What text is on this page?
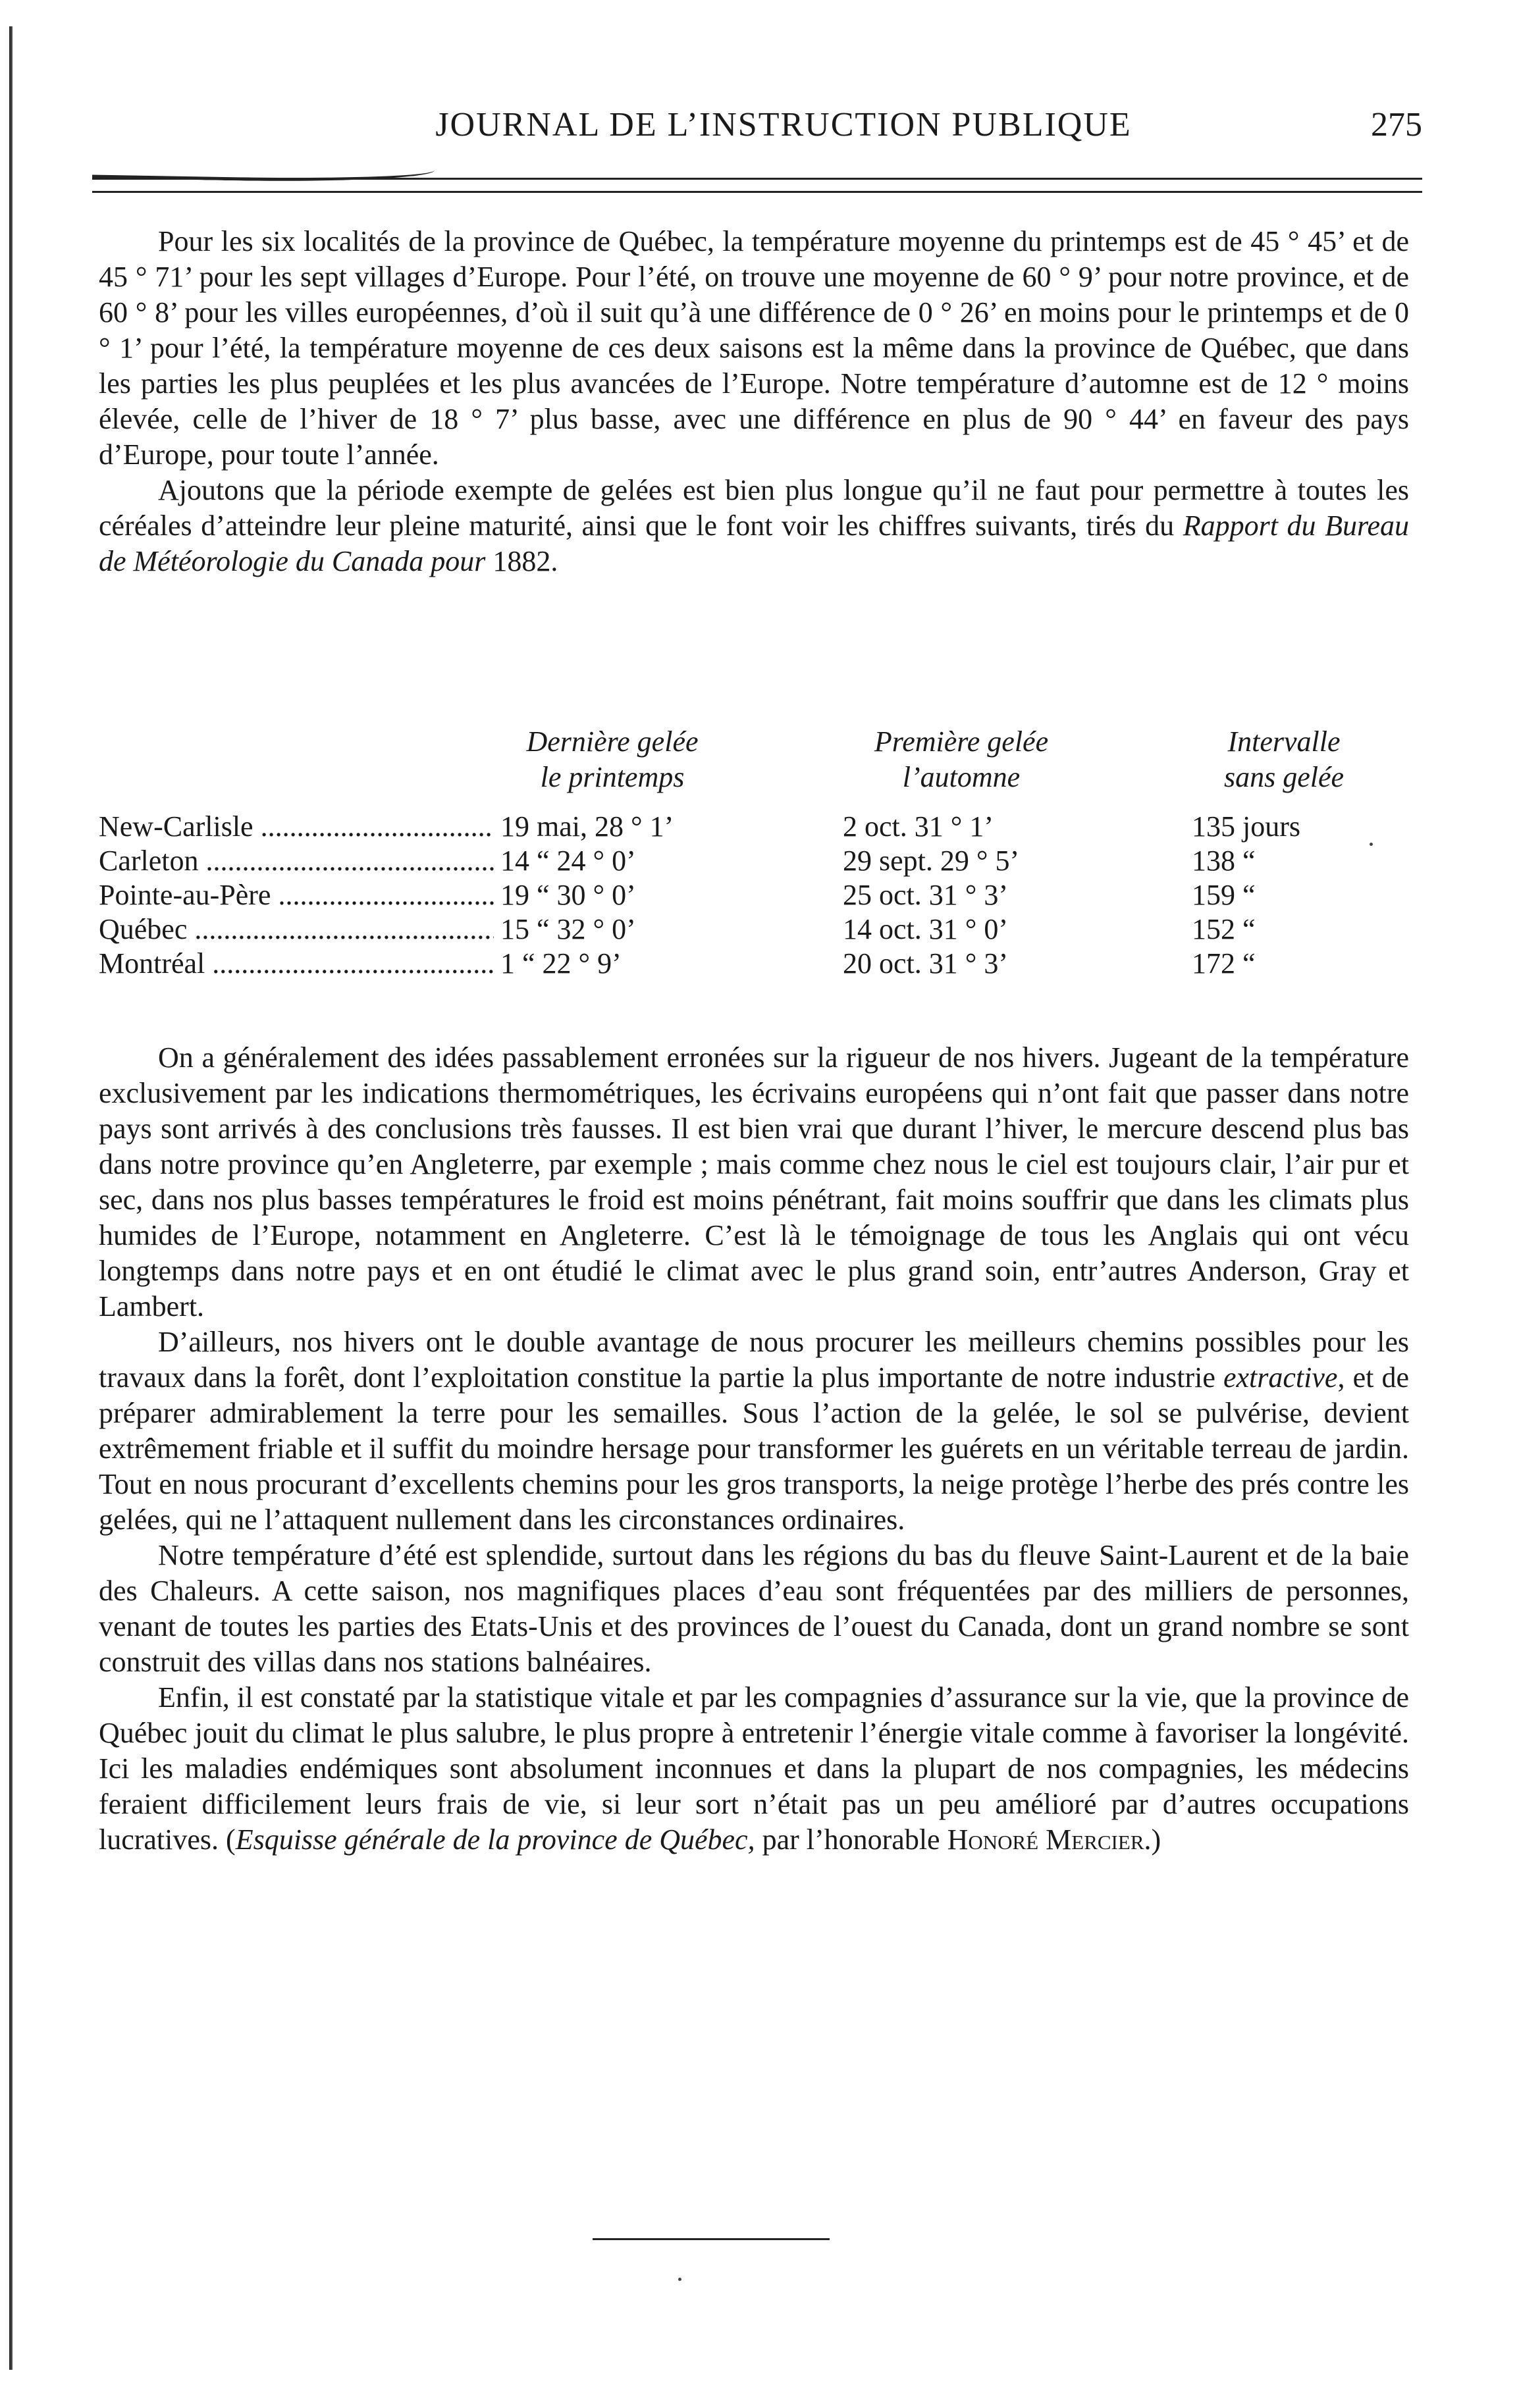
JOURNAL DE L’INSTRUCTION PUBLIQUE	275

Pour les six localités de la province de Québec, la température moyenne du printemps est de 45 ° 45’ et de 45 ° 71’ pour les sept villages d’Europe. Pour l’été, on trouve une moyenne de 60 ° 9’ pour notre province, et de 60 ° 8’ pour les villes européennes, d’où il suit qu’à une différence de 0 ° 26’ en moins pour le printemps et de 0 ° 1’ pour l’été, la température moyenne de ces deux saisons est la même dans la province de Québec, que dans les parties les plus peuplées et les plus avancées de l’Europe. Notre température d’automne est de 12 ° moins élevée, celle de l’hiver de 18 ° 7’ plus basse, avec une différence en plus de 90 ° 44’ en faveur des pays d’Europe, pour toute l’année.

Ajoutons que la période exempte de gelées est bien plus longue qu’il ne faut pour permettre à toutes les céréales d’atteindre leur pleine maturité, ainsi que le font voir les chiffres suivants, tirés du Rapport du Bureau de Météorologie du Canada pour 1882.

Dernière gelée
le printemps
Première gelée
l’automne
Intervalle
sans gelée
New-Carlisle .....	19 mai, 28 ° 1’	2 oct. 31 ° 1’	135 jours
Carleton .....	14 “ 24 ° 0’	29 sept. 29 ° 5’	138 “
Pointe-au-Père .....	19 “ 30 ° 0’	25 oct. 31 ° 3’	159 “
Québec .....	15 “ 32 ° 0’	14 oct. 31 ° 0’	152 “
Montréal .....	1 “ 22 ° 9’	20 oct. 31 ° 3’	172 “

On a généralement des idées passablement erronées sur la rigueur de nos hivers. Jugeant de la température exclusivement par les indications thermométriques, les écrivains européens qui n’ont fait que passer dans notre pays sont arrivés à des conclusions très fausses. Il est bien vrai que durant l’hiver, le mercure descend plus bas dans notre province qu’en Angleterre, par exemple ; mais comme chez nous le ciel est toujours clair, l’air pur et sec, dans nos plus basses températures le froid est moins pénétrant, fait moins souffrir que dans les climats plus humides de l’Europe, notamment en Angleterre. C’est là le témoignage de tous les Anglais qui ont vécu longtemps dans notre pays et en ont étudié le climat avec le plus grand soin, entr’autres Anderson, Gray et Lambert.

D’ailleurs, nos hivers ont le double avantage de nous procurer les meilleurs chemins possibles pour les travaux dans la forêt, dont l’exploitation constitue la partie la plus importante de notre industrie extractive, et de préparer admirablement la terre pour les semailles. Sous l’action de la gelée, le sol se pulvérise, devient extrêmement friable et il suffit du moindre hersage pour transformer les guérets en un véritable terreau de jardin. Tout en nous procurant d’excellents chemins pour les gros transports, la neige protège l’herbe des prés contre les gelées, qui ne l’attaquent nullement dans les circonstances ordinaires.

Notre température d’été est splendide, surtout dans les régions du bas du fleuve Saint-Laurent et de la baie des Chaleurs. A cette saison, nos magnifiques places d’eau sont fréquentées par des milliers de personnes, venant de toutes les parties des Etats-Unis et des provinces de l’ouest du Canada, dont un grand nombre se sont construit des villas dans nos stations balnéaires.

Enfin, il est constaté par la statistique vitale et par les compagnies d’assurance sur la vie, que la province de Québec jouit du climat le plus salubre, le plus propre à entretenir l’énergie vitale comme à favoriser la longévité. Ici les maladies endémiques sont absolument inconnues et dans la plupart de nos compagnies, les médecins feraient difficilement leurs frais de vie, si leur sort n’était pas un peu amélioré par d’autres occupations lucratives. (Esquisse générale de la province de Québec, par l’honorable Honoré Mercier.)
